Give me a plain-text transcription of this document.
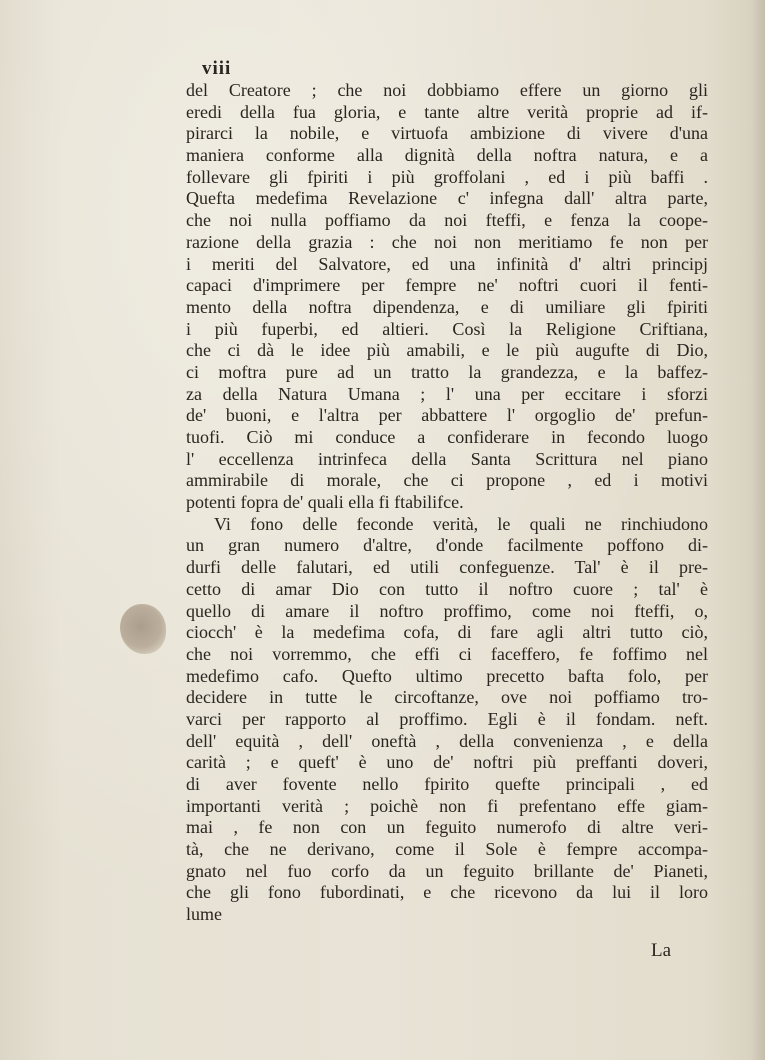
viii

del Creatore ; che noi dobbiamo effere un giorno gli
eredi della fua gloria, e tante altre verità proprie ad if-
pirarci la nobile, e virtuofa ambizione di vivere d'una
maniera conforme alla dignità della noftra natura, e a
follevare gli fpiriti i più groffolani , ed i più baffi .
Quefta medefima Revelazione c' infegna dall' altra parte,
che noi nulla poffiamo da noi fteffi, e fenza la coope-
razione della grazia : che noi non meritiamo fe non per
i meriti del Salvatore, ed una infinità d' altri principj
capaci d'imprimere per fempre ne' noftri cuori il fenti-
mento della noftra dipendenza, e di umiliare gli fpiriti
i più fuperbi, ed altieri. Così la Religione Criftiana,
che ci dà le idee più amabili, e le più augufte di Dio,
ci moftra pure ad un tratto la grandezza, e la baffez-
za della Natura Umana ; l' una per eccitare i sforzi
de' buoni, e l'altra per abbattere l' orgoglio de' prefun-
tuofi. Ciò mi conduce a confiderare in fecondo luogo
l' eccellenza intrinfeca della Santa Scrittura nel piano
ammirabile di morale, che ci propone , ed i motivi
potenti fopra de' quali ella fi ftabilifce.
Vi fono delle feconde verità, le quali ne rinchiudono
un gran numero d'altre, d'onde facilmente poffono di-
durfi delle falutari, ed utili confeguenze. Tal' è il pre-
cetto di amar Dio con tutto il noftro cuore ; tal' è
quello di amare il noftro proffimo, come noi fteffi, o,
ciocch' è la medefima cofa, di fare agli altri tutto ciò,
che noi vorremmo, che effi ci faceffero, fe foffimo nel
medefimo cafo. Quefto ultimo precetto bafta folo, per
decidere in tutte le circoftanze, ove noi poffiamo tro-
varci per rapporto al proffimo. Egli è il fondam. neft.
dell' equità , dell' oneftà , della convenienza , e della
carità ; e queft' è uno de' noftri più preffanti doveri,
di aver fovente nello fpirito quefte principali , ed
importanti verità ; poichè non fi prefentano effe giam-
mai , fe non con un feguito numerofo di altre veri-
tà, che ne derivano, come il Sole è fempre accompa-
gnato nel fuo corfo da un feguito brillante de' Pianeti,
che gli fono fubordinati, e che ricevono da lui il loro
lume
La
